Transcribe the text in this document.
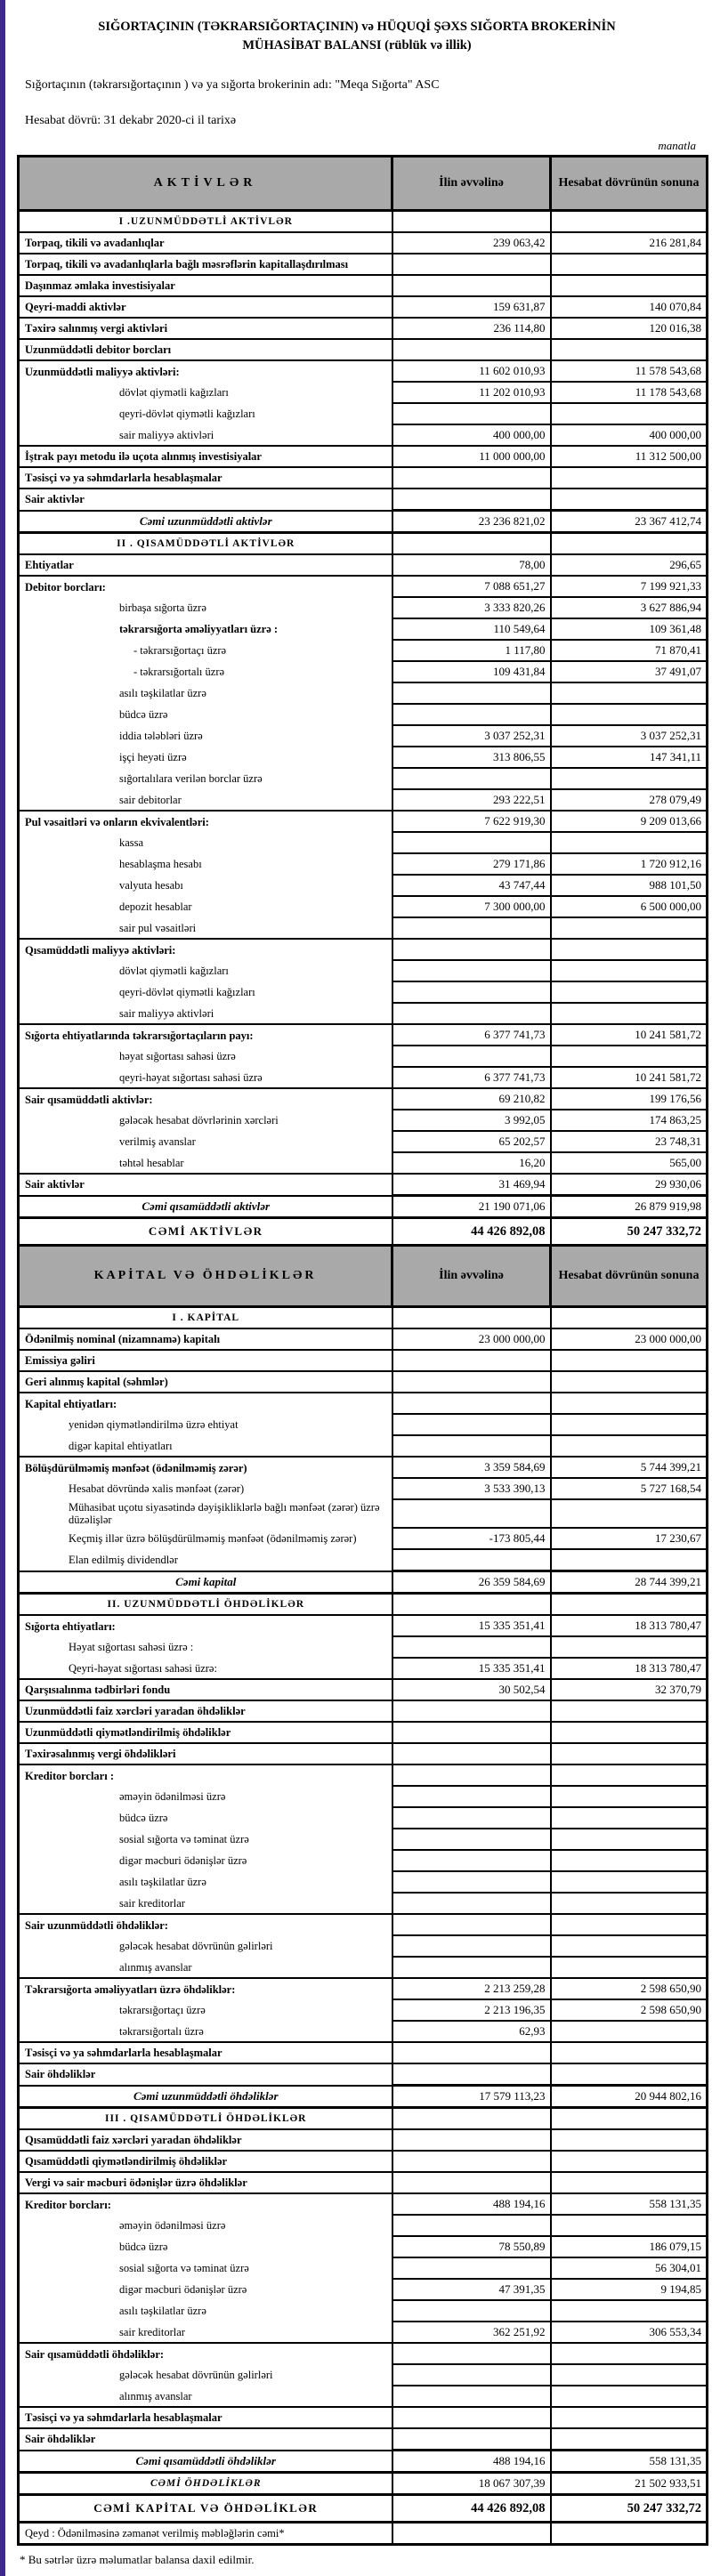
SIĞORTAÇININ (TƏKRARSIĞORTAÇININ) və HÜQUQİ ŞƏXS SIĞORTA BROKERİNİN
MÜHASİBAT BALANSI (rüblük və illik)
Sığortaçının (təkrarsığortaçının ) və ya sığorta brokerinin adı: "Meqa Sığorta" ASC
Hesabat dövrü: 31 dekabr 2020-ci il tarixə
manatla
AKTİVLƏR	İlin əvvəlinə	Hesabat dövrünün sonuna
I .UZUNMÜDDƏTLİ AKTİVLƏR		
Torpaq, tikili və avadanlıqlar	239 063,42	216 281,84
Torpaq, tikili və avadanlıqlarla bağlı məsrəflərin kapitallaşdırılması		
Daşınmaz əmlaka investisiyalar		
Qeyri-maddi aktivlər	159 631,87	140 070,84
Təxirə salınmış vergi aktivləri	236 114,80	120 016,38
Uzunmüddətli debitor borcları		
Uzunmüddətli maliyyə aktivləri:	11 602 010,93	11 578 543,68
dövlət qiymətli kağızları	11 202 010,93	11 178 543,68
qeyri-dövlət qiymətli kağızları		
sair maliyyə aktivləri	400 000,00	400 000,00
İştrak payı metodu ilə uçota alınmış investisiyalar	11 000 000,00	11 312 500,00
Təsisçi və ya səhmdarlarla hesablaşmalar		
Sair aktivlər		
Cəmi uzunmüddətli aktivlər	23 236 821,02	23 367 412,74
II . QISAMÜDDƏTLİ AKTİVLƏR		
Ehtiyatlar	78,00	296,65
Debitor borcları:	7 088 651,27	7 199 921,33
birbaşa sığorta üzrə	3 333 820,26	3 627 886,94
təkrarsığorta əməliyyatları üzrə :	110 549,64	109 361,48
- təkrarsığortaçı üzrə	1 117,80	71 870,41
- təkrarsığortalı üzrə	109 431,84	37 491,07
asılı təşkilatlar üzrə		
büdcə üzrə		
iddia tələbləri üzrə	3 037 252,31	3 037 252,31
işçi heyəti üzrə	313 806,55	147 341,11
sığortalılara verilən borclar üzrə		
sair debitorlar	293 222,51	278 079,49
Pul vəsaitləri və onların ekvivalentləri:	7 622 919,30	9 209 013,66
kassa		
hesablaşma hesabı	279 171,86	1 720 912,16
valyuta hesabı	43 747,44	988 101,50
depozit hesablar	7 300 000,00	6 500 000,00
sair pul vəsaitləri		
Qısamüddətli maliyyə aktivləri:		
dövlət qiymətli kağızları		
qeyri-dövlət qiymətli kağızları		
sair maliyyə aktivləri		
Sığorta ehtiyatlarında təkrarsığortaçıların payı:	6 377 741,73	10 241 581,72
həyat sığortası sahəsi üzrə		
qeyri-həyat sığortası sahəsi üzrə	6 377 741,73	10 241 581,72
Sair qısamüddətli aktivlər:	69 210,82	199 176,56
gələcək hesabat dövrlərinin xərcləri	3 992,05	174 863,25
verilmiş avanslar	65 202,57	23 748,31
təhtəl hesablar	16,20	565,00
Sair aktivlər	31 469,94	29 930,06
Cəmi qısamüddətli aktivlər	21 190 071,06	26 879 919,98
CƏMİ AKTİVLƏR	44 426 892,08	50 247 332,72
KAPİTAL VƏ ÖHDƏLİKLƏR	İlin əvvəlinə	Hesabat dövrünün sonuna
I . KAPİTAL		
Ödənilmiş nominal (nizamnamə) kapitalı	23 000 000,00	23 000 000,00
Emissiya gəliri		
Geri alınmış kapital (səhmlər)		
Kapital ehtiyatları:		
yenidən qiymətləndirilmə üzrə ehtiyat		
digər kapital ehtiyatları		
Bölüşdürülməmiş mənfəət (ödənilməmiş zərər)	3 359 584,69	5 744 399,21
Hesabat dövründə xalis mənfəət (zərər)	3 533 390,13	5 727 168,54
Mühasibat uçotu siyasətində dəyişikliklərlə bağlı mənfəət (zərər) üzrə düzəlişlər		
Keçmiş illər üzrə bölüşdürülməmiş mənfəət (ödənilməmiş zərər)	-173 805,44	17 230,67
Elan edilmiş dividendlər		
Cəmi kapital	26 359 584,69	28 744 399,21
II. UZUNMÜDDƏTLİ ÖHDƏLİKLƏR		
Sığorta ehtiyatları:	15 335 351,41	18 313 780,47
Həyat sığortası sahəsi üzrə :		
Qeyri-həyat sığortası sahəsi üzrə:	15 335 351,41	18 313 780,47
Qarşısıalınma tədbirləri fondu	30 502,54	32 370,79
Uzunmüddətli faiz xərcləri yaradan öhdəliklər		
Uzunmüddətli qiymətləndirilmiş öhdəliklər		
Təxirəsalınmış vergi öhdəlikləri		
Kreditor borcları :		
əməyin ödənilməsi üzrə		
büdcə üzrə		
sosial sığorta və təminat üzrə		
digər məcburi ödənişlər üzrə		
asılı təşkilatlar üzrə		
sair kreditorlar		
Sair uzunmüddətli öhdəliklər:		
gələcək hesabat dövrünün gəlirləri		
alınmış avanslar		
Təkrarsığorta əməliyyatları üzrə öhdəliklər:	2 213 259,28	2 598 650,90
təkrarsığortaçı üzrə	2 213 196,35	2 598 650,90
təkrarsığortalı üzrə	62,93	
Təsisçi və ya səhmdarlarla hesablaşmalar		
Sair öhdəliklər		
Cəmi uzunmüddətli öhdəliklər	17 579 113,23	20 944 802,16
III . QISAMÜDDƏTLİ ÖHDƏLİKLƏR		
Qısamüddətli faiz xərcləri yaradan öhdəliklər		
Qısamüddətli qiymətləndirilmiş öhdəliklər		
Vergi və sair məcburi ödənişlər üzrə öhdəliklər		
Kreditor borcları:	488 194,16	558 131,35
əməyin ödənilməsi üzrə		
büdcə üzrə	78 550,89	186 079,15
sosial sığorta və təminat üzrə		56 304,01
digər məcburi ödənişlər üzrə	47 391,35	9 194,85
asılı təşkilatlar üzrə		
sair kreditorlar	362 251,92	306 553,34
Sair qısamüddətli öhdəliklər:		
gələcək hesabat dövrünün gəlirləri		
alınmış avanslar		
Təsisçi və ya səhmdarlarla hesablaşmalar		
Sair öhdəliklər		
Cəmi qısamüddətli öhdəliklər	488 194,16	558 131,35
CƏMİ ÖHDƏLİKLƏR	18 067 307,39	21 502 933,51
CƏMİ KAPİTAL VƏ ÖHDƏLİKLƏR	44 426 892,08	50 247 332,72
Qeyd : Ödənilməsinə zəmanət verilmiş məbləğlərin cəmi*		
* Bu sətrlər üzrə məlumatlar balansa daxil edilmir.
